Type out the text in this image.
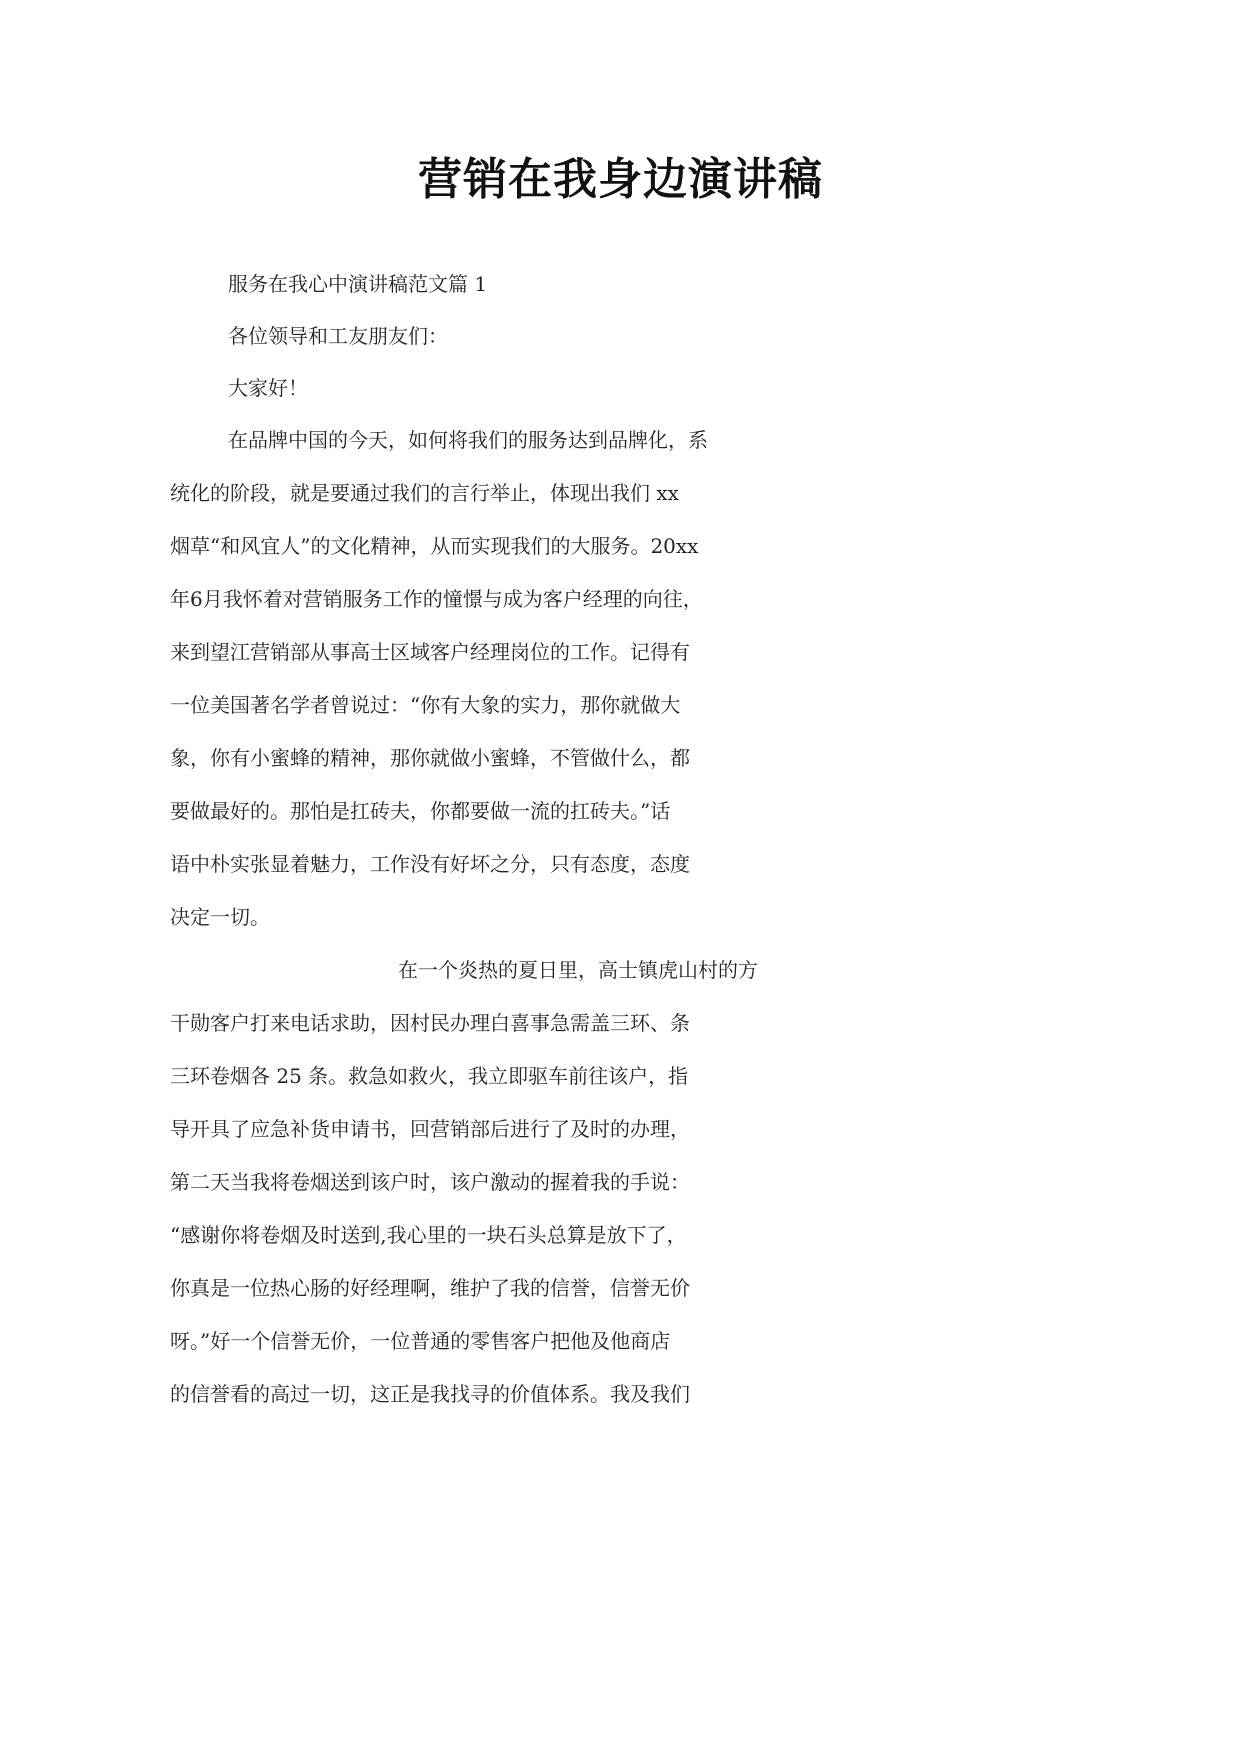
营销在我身边演讲稿
服务在我心中演讲稿范文篇 1
各位领导和工友朋友们：
大家好！
在品牌中国的今天，如何将我们的服务达到品牌化，系
统化的阶段，就是要通过我们的言行举止，体现出我们 xx
烟草“和风宜人”的文化精神，从而实现我们的大服务。20xx
年6月我怀着对营销服务工作的憧憬与成为客户经理的向往，
来到望江营销部从事高士区域客户经理岗位的工作。记得有
一位美国著名学者曾说过：“你有大象的实力，那你就做大
象，你有小蜜蜂的精神，那你就做小蜜蜂，不管做什么，都
要做最好的。那怕是扛砖夫，你都要做一流的扛砖夫。”话
语中朴实张显着魅力，工作没有好坏之分，只有态度，态度
决定一切。
在一个炎热的夏日里，高士镇虎山村的方
干勋客户打来电话求助，因村民办理白喜事急需盖三环、条
三环卷烟各 25 条。救急如救火，我立即驱车前往该户，指
导开具了应急补货申请书，回营销部后进行了及时的办理，
第二天当我将卷烟送到该户时，该户激动的握着我的手说：
“感谢你将卷烟及时送到,我心里的一块石头总算是放下了，
你真是一位热心肠的好经理啊，维护了我的信誉，信誉无价
呀。”好一个信誉无价，一位普通的零售客户把他及他商店
的信誉看的高过一切，这正是我找寻的价值体系。我及我们
